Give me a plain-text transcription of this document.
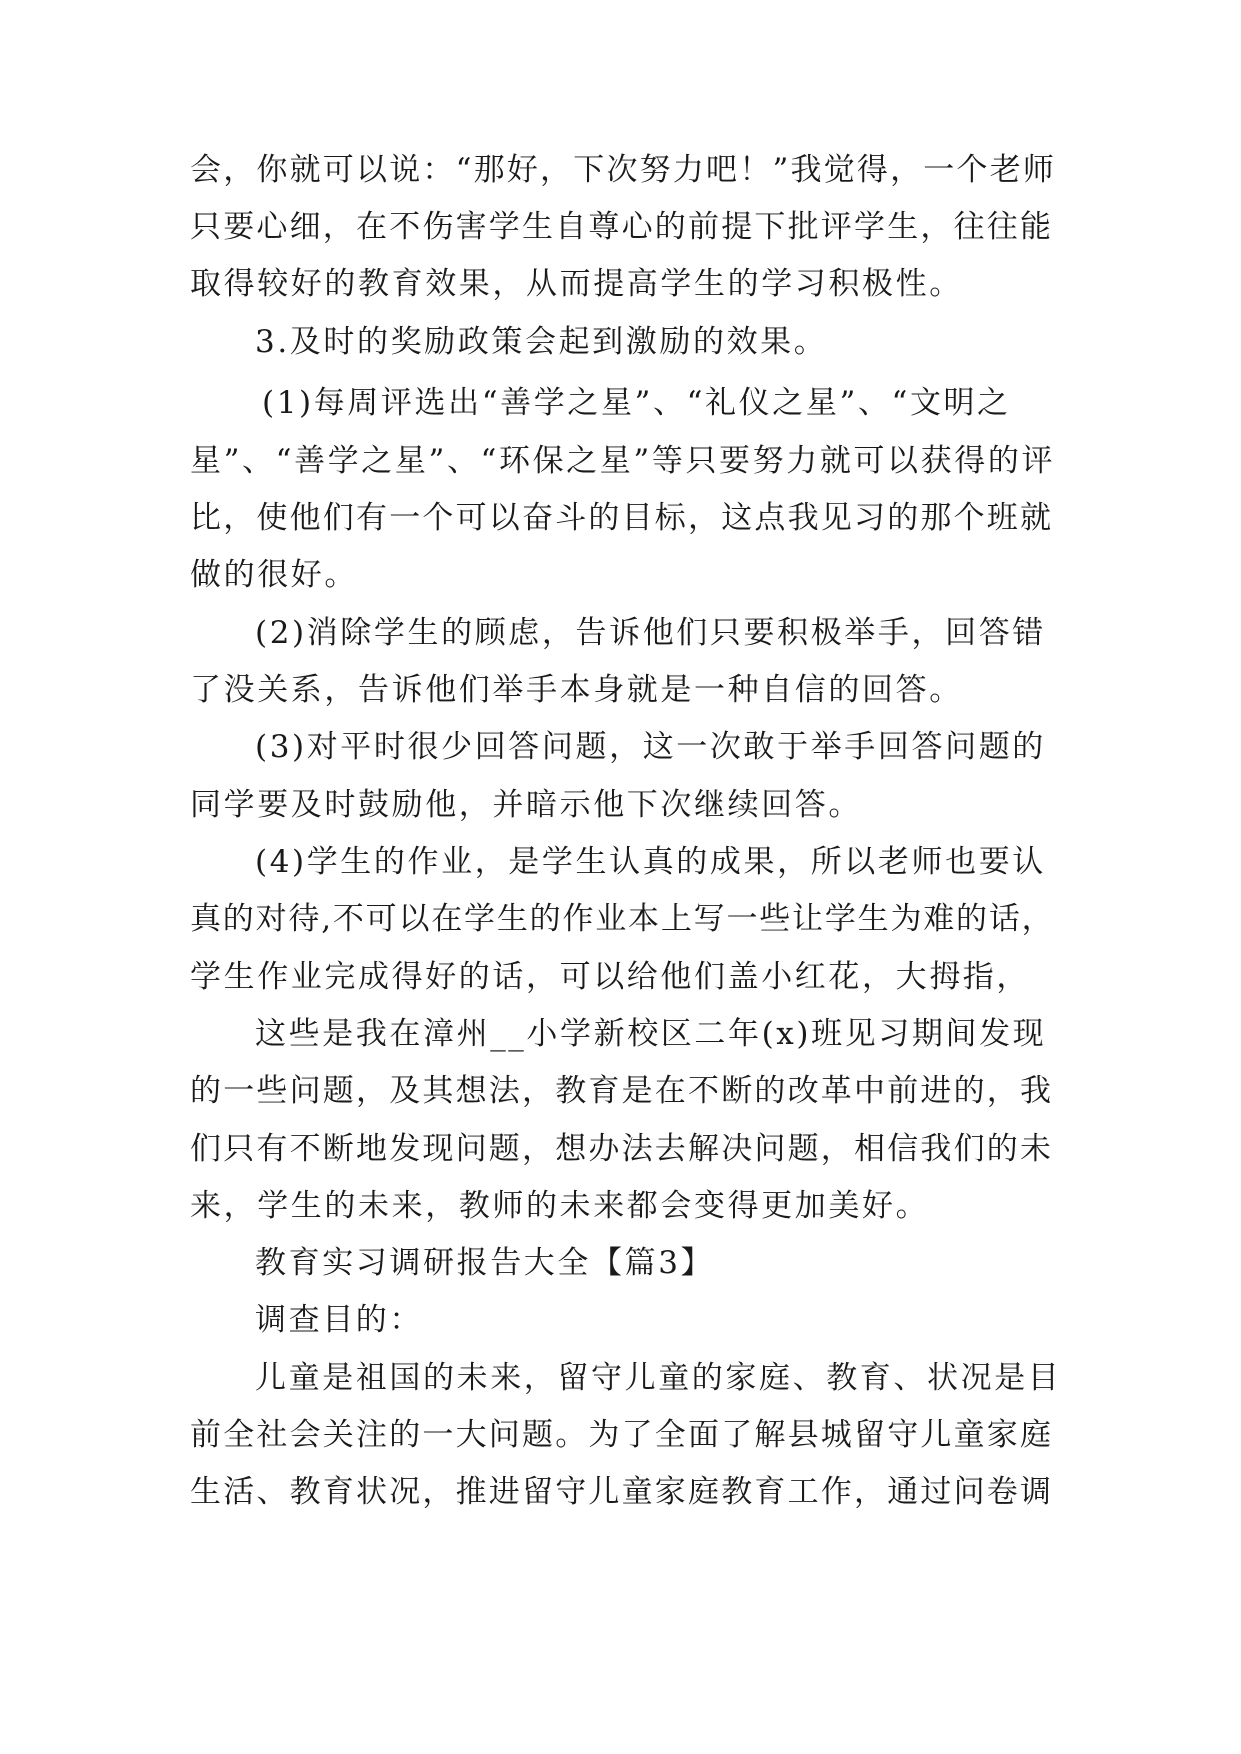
会，你就可以说：“那好，下次努力吧！”我觉得，一个老师
只要心细，在不伤害学生自尊心的前提下批评学生，往往能
取得较好的教育效果，从而提高学生的学习积极性。
3.及时的奖励政策会起到激励的效果。
(1)每周评选出“善学之星”、“礼仪之星”、“文明之
星”、“善学之星”、“环保之星”等只要努力就可以获得的评
比，使他们有一个可以奋斗的目标，这点我见习的那个班就
做的很好。
(2)消除学生的顾虑，告诉他们只要积极举手，回答错
了没关系，告诉他们举手本身就是一种自信的回答。
(3)对平时很少回答问题，这一次敢于举手回答问题的
同学要及时鼓励他，并暗示他下次继续回答。
(4)学生的作业，是学生认真的成果，所以老师也要认
真的对待,不可以在学生的作业本上写一些让学生为难的话，
学生作业完成得好的话，可以给他们盖小红花，大拇指，
这些是我在漳州__小学新校区二年(x)班见习期间发现
的一些问题，及其想法，教育是在不断的改革中前进的，我
们只有不断地发现问题，想办法去解决问题，相信我们的未
来，学生的未来，教师的未来都会变得更加美好。
教育实习调研报告大全【篇3】
调查目的：
儿童是祖国的未来，留守儿童的家庭、教育、状况是目
前全社会关注的一大问题。为了全面了解县城留守儿童家庭
生活、教育状况，推进留守儿童家庭教育工作，通过问卷调
